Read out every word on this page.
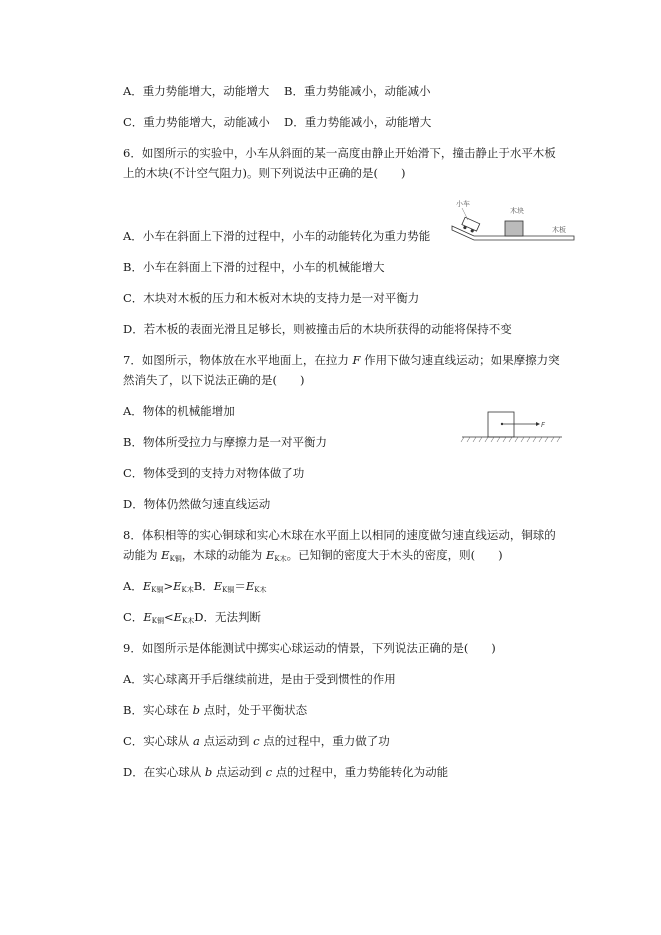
A．重力势能增大，动能增大 B．重力势能减小，动能减小
C．重力势能增大，动能减小 D．重力势能减小，动能增大
6．如图所示的实验中，小车从斜面的某一高度由静止开始滑下，撞击静止于水平木板
上的木块(不计空气阻力)。则下列说法中正确的是(　　)
A．小车在斜面上下滑的过程中，小车的动能转化为重力势能
B．小车在斜面上下滑的过程中，小车的机械能增大
C．木块对木板的压力和木板对木块的支持力是一对平衡力
D．若木板的表面光滑且足够长，则被撞击后的木块所获得的动能将保持不变
小车
木块
木板
7．如图所示，物体放在水平地面上，在拉力 F 作用下做匀速直线运动；如果摩擦力突
然消失了，以下说法正确的是(　　)
A．物体的机械能增加
B．物体所受拉力与摩擦力是一对平衡力
C．物体受到的支持力对物体做了功
D．物体仍然做匀速直线运动
F
8．体积相等的实心铜球和实心木球在水平面上以相同的速度做匀速直线运动，铜球的
动能为 $E_{K铜}$，木球的动能为 $E_{K木}$。已知铜的密度大于木头的密度，则(　　)
A．$E_{K铜}>E_{K木}B$．$E_{K铜}=E_{K木}$
C．$E_{K铜}<E_{K木}D$．无法判断
9．如图所示是体能测试中掷实心球运动的情景，下列说法正确的是(　　)
A．实心球离开手后继续前进，是由于受到惯性的作用
B．实心球在 b 点时，处于平衡状态
C．实心球从 a 点运动到 c 点的过程中，重力做了功
D．在实心球从 b 点运动到 c 点的过程中，重力势能转化为动能
